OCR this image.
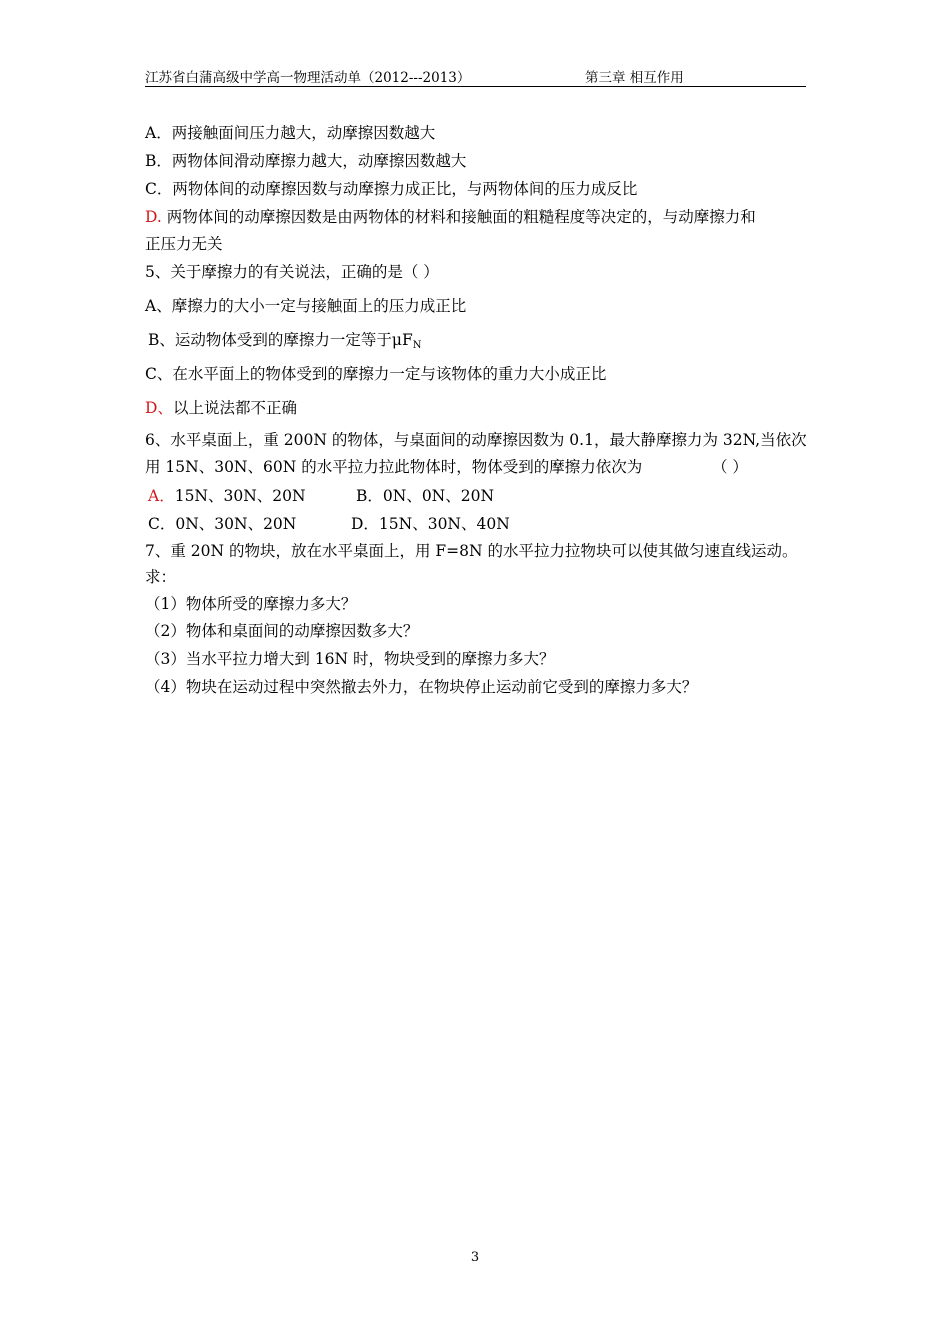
江苏省白蒲高级中学高一物理活动单（2012---2013）	第三章 相互作用
A．两接触面间压力越大，动摩擦因数越大
B．两物体间滑动摩擦力越大，动摩擦因数越大
C．两物体间的动摩擦因数与动摩擦力成正比，与两物体间的压力成反比
D. 两物体间的动摩擦因数是由两物体的材料和接触面的粗糙程度等决定的，与动摩擦力和
正压力无关
5、关于摩擦力的有关说法，正确的是（ ）
A、摩擦力的大小一定与接触面上的压力成正比
B、运动物体受到的摩擦力一定等于$\mu F_N$
C、在水平面上的物体受到的摩擦力一定与该物体的重力大小成正比
D、以上说法都不正确
6、水平桌面上，重 200N 的物体，与桌面间的动摩擦因数为 0.1，最大静摩擦力为 32N,当依次
用 15N、30N、60N 的水平拉力拉此物体时，物体受到的摩擦力依次为	（ ）
A．15N、30N、20N	B．0N、0N、20N
C．0N、30N、20N	D．15N、30N、40N
7、重 20N 的物块，放在水平桌面上，用 F=8N 的水平拉力拉物块可以使其做匀速直线运动。
求：
（1）物体所受的摩擦力多大？
（2）物体和桌面间的动摩擦因数多大？
（3）当水平拉力增大到 16N 时，物块受到的摩擦力多大？
（4）物块在运动过程中突然撤去外力，在物块停止运动前它受到的摩擦力多大？
3
